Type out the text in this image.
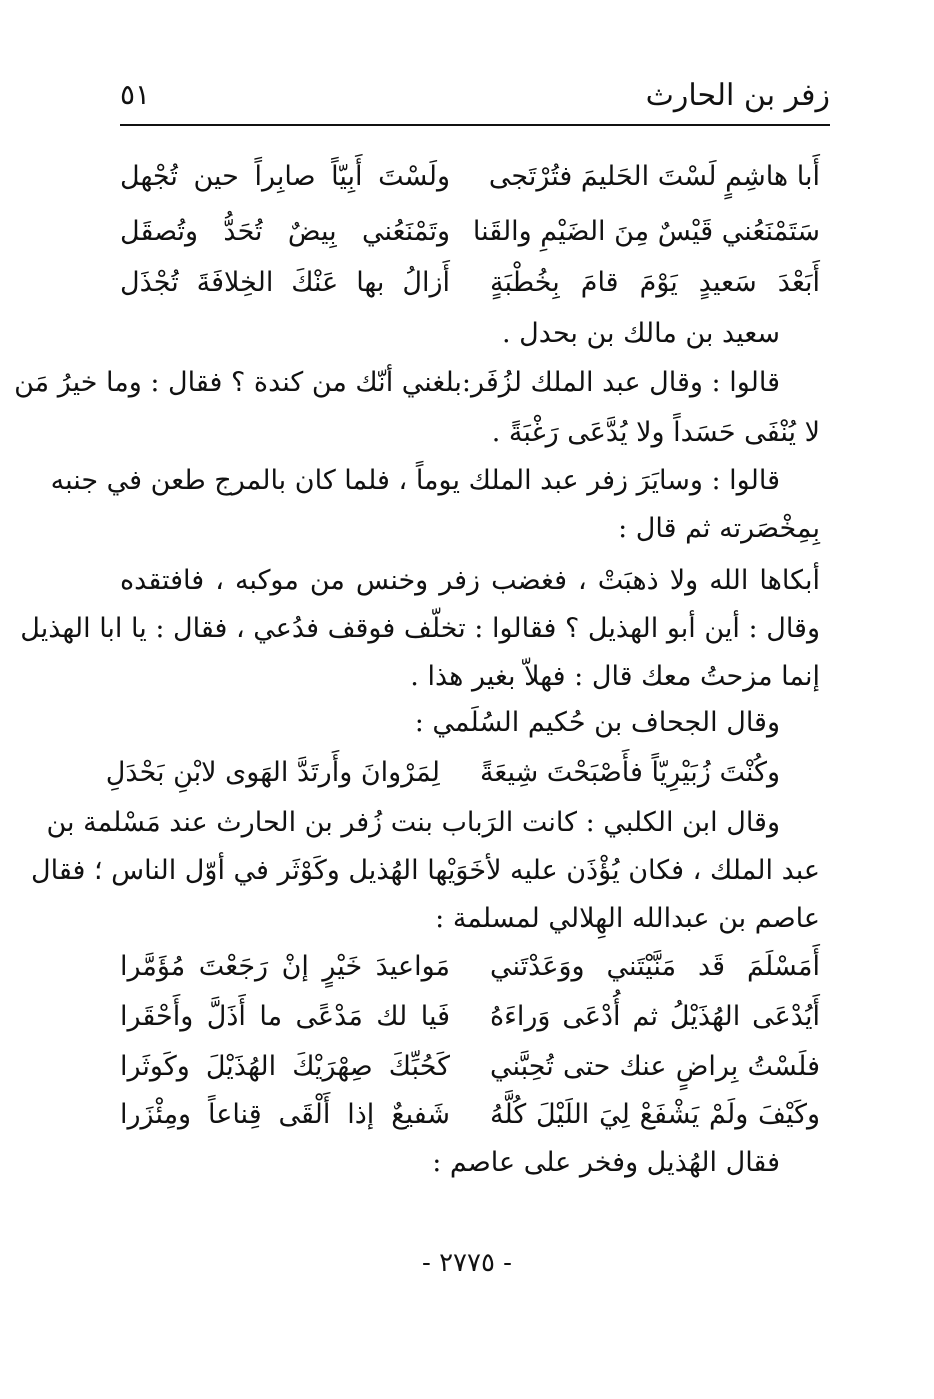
زفر بن الحارث
٥١
أَبا هاشِمٍ لَسْتَ الحَليمَ فتُرْتَجى
ولَسْتَ أَبِيّاً صابِراً حين تُجْهل
سَتَمْنَعُني قَيْسٌ مِنَ الضَيْمِ والقَنا
وتَمْنَعُني بِيضٌ تُحَدُّ وتُصقَل
أَبَعْدَ سَعيدٍ يَوْمَ قامَ بِخُطْبَةٍ
أَزالُ بها عَنْكَ الخِلافَةَ تُجْذَل
سعيد بن مالك بن بحدل .
قالوا : وقال عبد الملك لزُفَر:بلغني أنّك من كندة ؟ فقال : وما خيرُ مَن
لا يُنْفَى حَسَداً ولا يُدَّعَى رَغْبَةً .
قالوا : وسايَرَ زفر عبد الملك يوماً ، فلما كان بالمرج طعن في جنبه
بِمِخْصَرته ثم قال :
أبكاها الله ولا ذهبَتْ ، فغضب زفر وخنس من موكبه ، فافتقده
وقال : أين أبو الهذيل ؟ فقالوا : تخلّف فوقف فدُعي ، فقال : يا ابا الهذيل
إنما مزحتُ معك قال : فهلاّ بغير هذا .
وقال الجحاف بن حُكيم السُلَمي :
وكُنْتَ زُبَيْرِيّاً فأَصْبَحْتَ شِيعَةً
لِمَرْوانَ وأَرتَدَّ الهَوى لابْنِ بَحْدَلِ
وقال ابن الكلبي : كانت الرَباب بنت زُفر بن الحارث عند مَسْلمة بن
عبد الملك ، فكان يُؤْذَن عليه لأخَوَيْها الهُذيل وكَوْثَر في أوّل الناس ؛ فقال
عاصم بن عبدالله الهِلالي لمسلمة :
أَمَسْلَمَ قَد مَنَّيْتَني ووَعَدْتَني
مَواعيدَ خَيْرٍ إنْ رَجَعْتَ مُؤَمَّرا
أَيُدْعَى الهُذَيْلُ ثم أُدْعَى وَراءَهُ
فَيا لك مَدْعًى ما أَذَلَّ وأَحْقَرا
فلَسْتُ بِراضٍ عنك حتى تُحِبَّني
كَحُبِّكَ صِهْرَيْكَ الهُذَيْلَ وكَوثَرا
وكَيْفَ ولَمْ يَشْفَعْ لِيَ اللَيْلَ كُلَّهُ
شَفيعٌ إذا أَلْقَى قِناعاً ومِئْزَرا
فقال الهُذيل وفخر على عاصم :
- ٢٧٧٥ -
